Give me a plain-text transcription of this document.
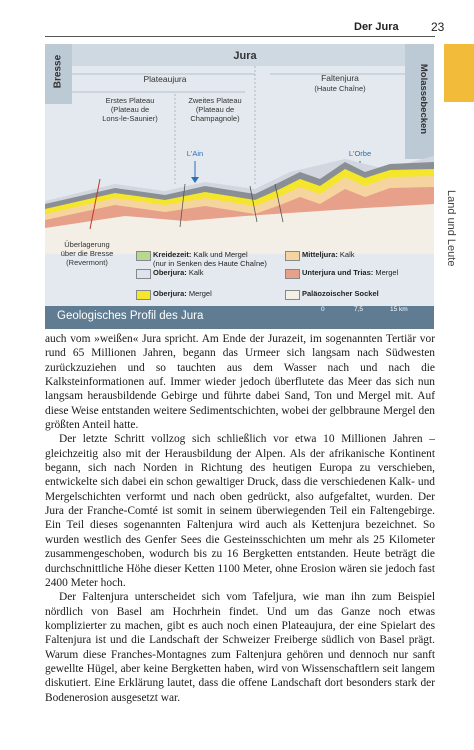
Der Jura	23
Land und Leute
Bresse	Jura
Molassebecken
Plateaujura	Faltenjura
(Haute Chaîne)
Erstes Plateau
(Plateau de
Lons-le-Saunier)
Zweites Plateau
(Plateau de
Champagnole)
L'Ain	L'Orbe
Überlagerung
über die Bresse
(Revermont)
Kreidezeit: Kalk und Mergel
(nur in Senken des Haute Chaîne)
Oberjura: Kalk
Oberjura: Mergel
Mitteljura: Kalk
Unterjura und Trias: Mergel
Paläozoischer Sockel
Geologisches Profil des Jura
0	7,5	15 km

auch vom »weißen« Jura spricht. Am Ende der Jurazeit, im sogenannten Tertiär vor rund 65 Millionen Jahren, begann das Urmeer sich langsam nach Südwesten zurückzuziehen und so tauchten aus dem Wasser nach und nach die Kalksteinformationen auf. Immer wieder jedoch überflutete das Meer das sich nun langsam herausbildende Gebirge und führte dabei Sand, Ton und Mergel mit. Auf diese Weise entstanden weitere Sedimentschichten, wobei der gelbbraune Mergel den größten Anteil hatte.

Der letzte Schritt vollzog sich schließlich vor etwa 10 Millionen Jahren – gleichzeitig also mit der Herausbildung der Alpen. Als der afrikanische Kontinent begann, sich nach Norden in Richtung des heutigen Europa zu verschieben, entwickelte sich dabei ein schon gewaltiger Druck, dass die verschiedenen Kalk- und Mergelschichten verformt und nach oben gedrückt, also aufgefaltet, wurden. Der Jura der Franche-Comté ist somit in seinem überwiegenden Teil ein Faltengebirge. Ein Teil dieses sogenannten Faltenjura wird auch als Kettenjura bezeichnet. So wurden westlich des Genfer Sees die Gesteinsschichten um mehr als 25 Kilometer zusammengeschoben, wodurch bis zu 16 Bergketten entstanden. Heute beträgt die durchschnittliche Höhe dieser Ketten 1100 Meter, ohne Erosion wären sie jedoch fast 2400 Meter hoch.

Der Faltenjura unterscheidet sich vom Tafeljura, wie man ihn zum Beispiel nördlich von Basel am Hochrhein findet. Und um das Ganze noch etwas komplizierter zu machen, gibt es auch noch einen Plateaujura, der eine Spielart des Faltenjura ist und die Landschaft der Schweizer Freiberge südlich von Basel prägt. Warum diese Franches-Montagnes zum Faltenjura gehören und dennoch nur sanft gewellte Hügel, aber keine Bergketten haben, wird von Wissenschaftlern seit langem diskutiert. Eine Erklärung lautet, dass die offene Landschaft dort besonders stark der Bodenerosion ausgesetzt war.
